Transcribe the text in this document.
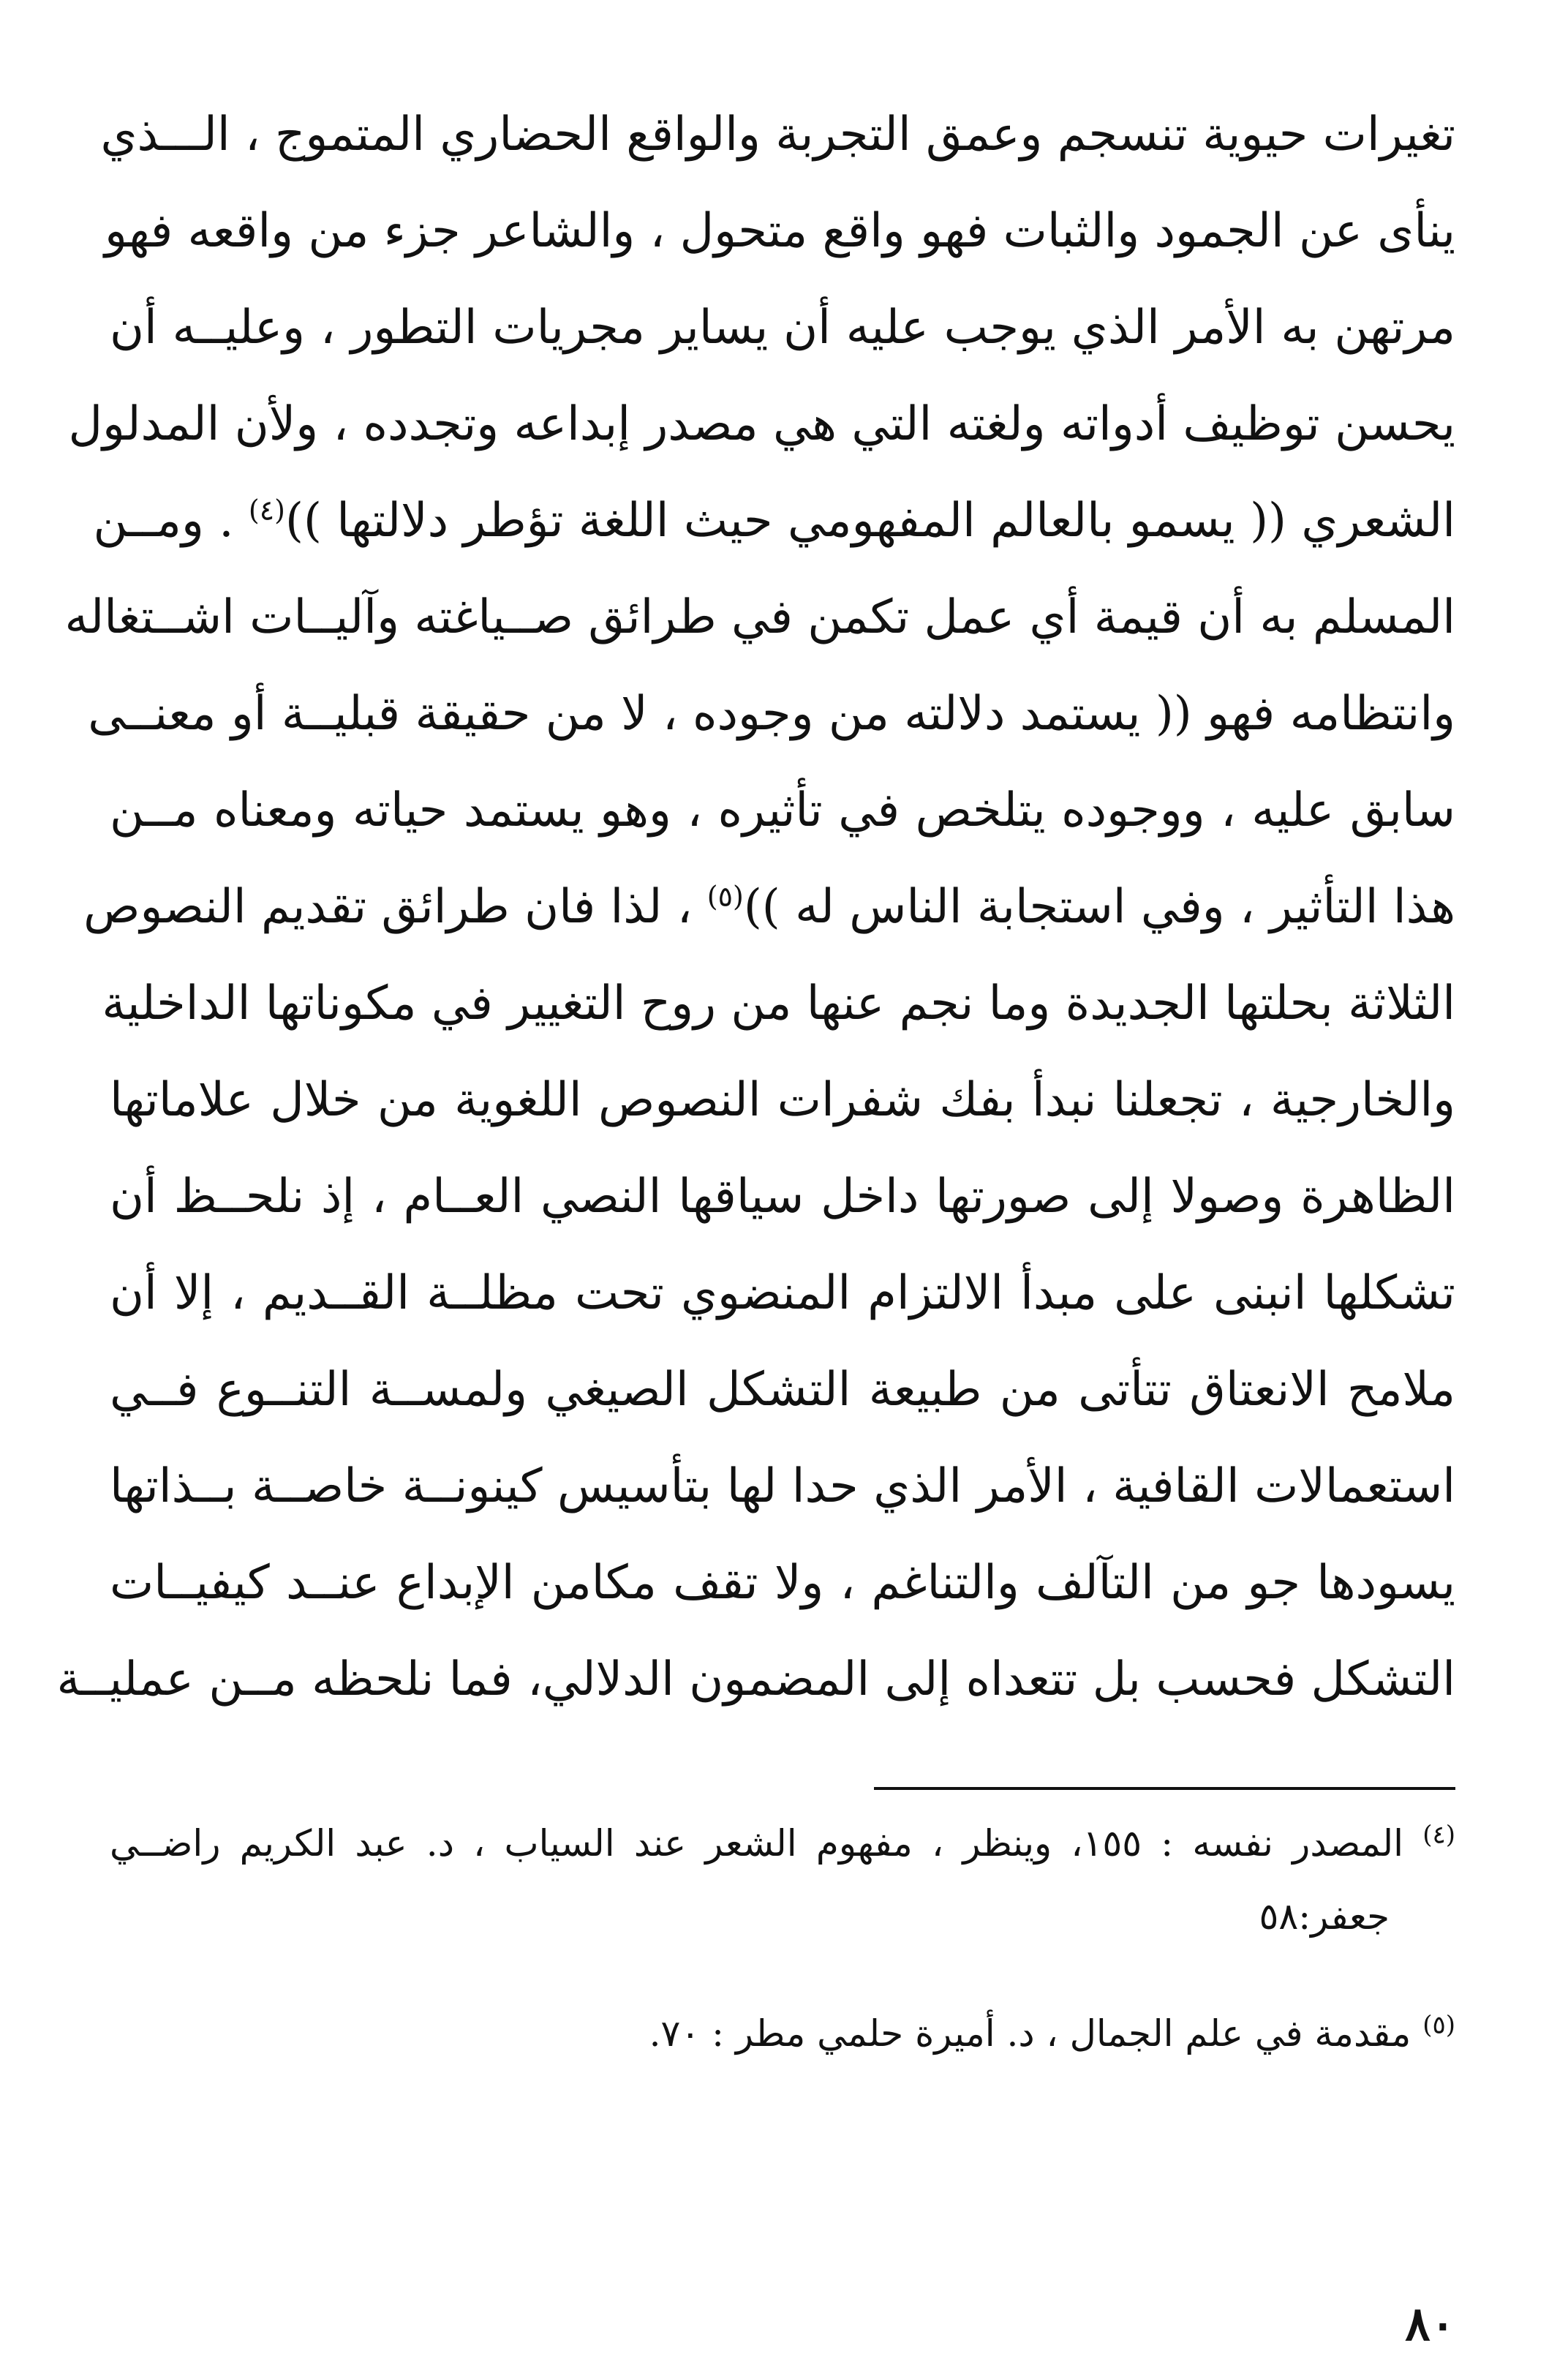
تغيرات حيوية تنسجم وعمق التجربة والواقع الحضاري المتموج ، الـــذي
ينأى عن الجمود والثبات فهو واقع متحول ، والشاعر جزء من واقعه فهو
مرتهن به الأمر الذي يوجب عليه أن يساير مجريات التطور ، وعليــه أن
يحسن توظيف أدواته ولغته التي هي مصدر إبداعه وتجدده ، ولأن المدلول
الشعري (( يسمو بالعالم المفهومي حيث اللغة تؤطر دلالتها ))$^{(٤)}$ . ومــن
المسلم به أن قيمة أي عمل تكمن في طرائق صــياغته وآليــات اشــتغاله
وانتظامه فهو (( يستمد دلالته من وجوده ، لا من حقيقة قبليــة أو معنــى
سابق عليه ، ووجوده يتلخص في تأثيره ، وهو يستمد حياته ومعناه مــن
هذا التأثير ، وفي استجابة الناس له ))$^{(٥)}$ ، لذا فان طرائق تقديم النصوص
الثلاثة بحلتها الجديدة وما نجم عنها من روح التغيير في مكوناتها الداخلية
والخارجية ، تجعلنا نبدأ بفك شفرات النصوص اللغوية من خلال علاماتها
الظاهرة وصولا إلى صورتها داخل سياقها النصي العــام ، إذ نلحــظ أن
تشكلها انبنى على مبدأ الالتزام المنضوي تحت مظلــة القــديم ، إلا أن
ملامح الانعتاق تتأتى من طبيعة التشكل الصيغي ولمســة التنــوع فــي
استعمالات القافية ، الأمر الذي حدا لها بتأسيس كينونــة خاصــة بــذاتها
يسودها جو من التآلف والتناغم ، ولا تقف مكامن الإبداع عنــد كيفيــات
التشكل فحسب بل تتعداه إلى المضمون الدلالي، فما نلحظه مــن عمليــة
$^{(٤)}$ المصدر نفسه : ١٥٥، وينظر ، مفهوم الشعر عند السياب ، د. عبد الكريم راضــي
جعفر:٥٨
$^{(٥)}$ مقدمة في علم الجمال ، د. أميرة حلمي مطر : ٧٠.
٨٠
